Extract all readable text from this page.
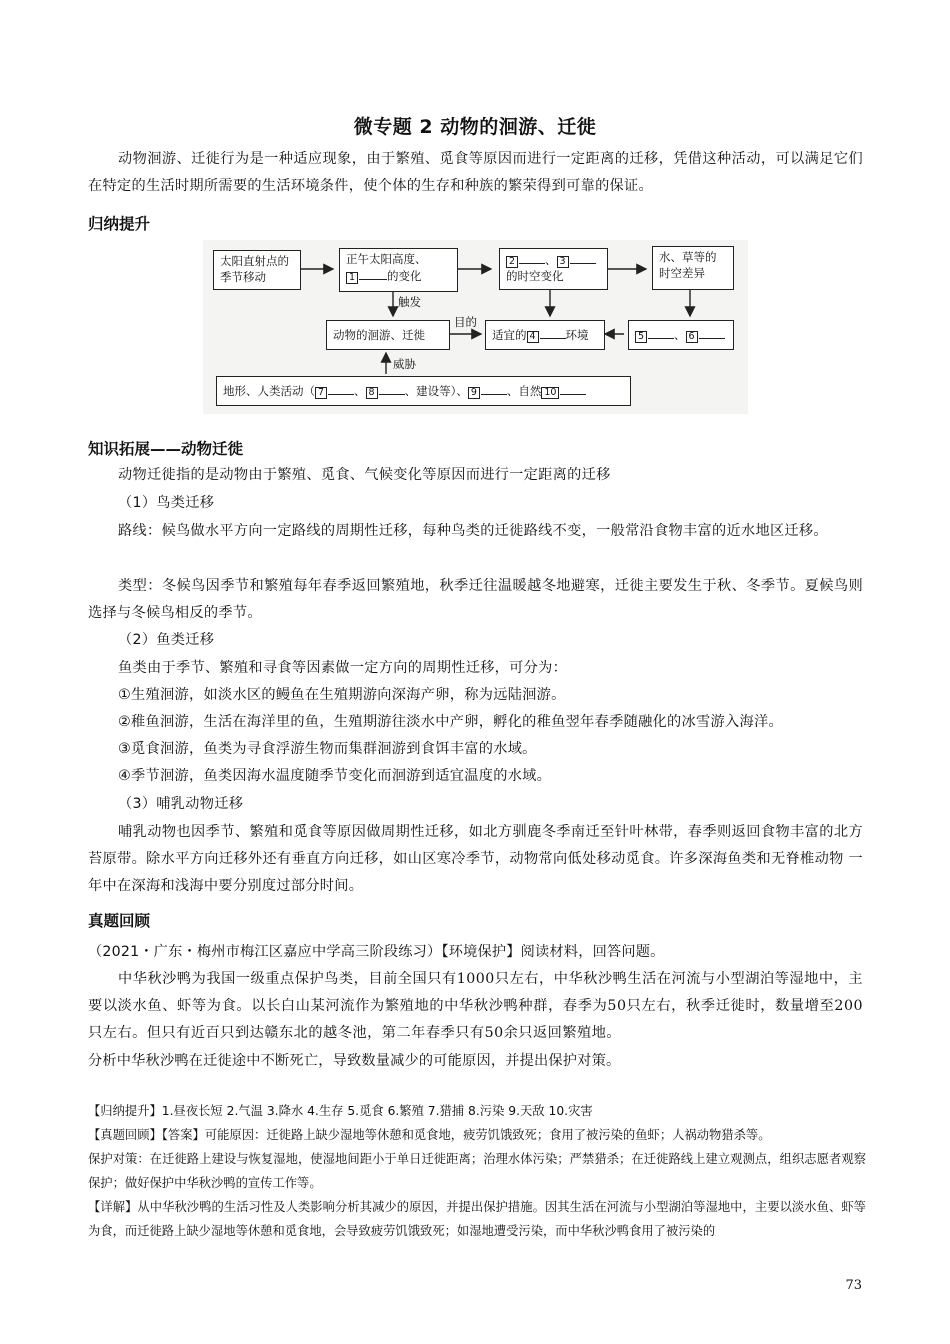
微专题 2 动物的洄游、迁徙
动物洄游、迁徙行为是一种适应现象，由于繁殖、觅食等原因而进行一定距离的迁移，凭借这种活动，可以满足它们在特定的生活时期所需要的生活环境条件，使个体的生存和种族的繁荣得到可靠的保证。
归纳提升
太阳直射点的季节移动
正午太阳高度、
1	的变化
2	、 3
的时空变化
水、草等的时空差异
触发
动物的洄游、迁徙
目的
适宜的 4	环境	5	、 6
威胁
地形、人类活动（ 7	、 8	、建设等）、 9	、自然 10
知识拓展——动物迁徙
动物迁徙指的是动物由于繁殖、觅食、气候变化等原因而进行一定距离的迁移
（1）鸟类迁移
路线：候鸟做水平方向一定路线的周期性迁移，每种鸟类的迁徙路线不变，一般常沿食物丰富的近水地区迁移。
类型：冬候鸟因季节和繁殖每年春季返回繁殖地，秋季迁往温暖越冬地避寒，迁徙主要发生于秋、冬季节。夏候鸟则选择与冬候鸟相反的季节。
（2）鱼类迁移
鱼类由于季节、繁殖和寻食等因素做一定方向的周期性迁移，可分为：
①生殖洄游，如淡水区的鳗鱼在生殖期游向深海产卵，称为远陆洄游。
②稚鱼洄游，生活在海洋里的鱼，生殖期游往淡水中产卵，孵化的稚鱼翌年春季随融化的冰雪游入海洋。
③觅食洄游，鱼类为寻食浮游生物而集群洄游到食饵丰富的水域。
④季节洄游，鱼类因海水温度随季节变化而洄游到适宜温度的水域。
（3）哺乳动物迁移
哺乳动物也因季节、繁殖和觅食等原因做周期性迁移，如北方驯鹿冬季南迁至针叶林带，春季则返回食物丰富的北方苔原带。除水平方向迁移外还有垂直方向迁移，如山区寒冷季节，动物常向低处移动觅食。许多深海鱼类和无脊椎动物 一年中在深海和浅海中要分别度过部分时间。
真题回顾
（2021・广东・梅州市梅江区嘉应中学高三阶段练习）【环境保护】阅读材料，回答问题。
中华秋沙鸭为我国一级重点保护鸟类，目前全国只有1000只左右，中华秋沙鸭生活在河流与小型湖泊等湿地中，主要以淡水鱼、虾等为食。以长白山某河流作为繁殖地的中华秋沙鸭种群，春季为50只左右，秋季迁徙时，数量增至200只左右。但只有近百只到达赣东北的越冬池，第二年春季只有50余只返回繁殖地。
分析中华秋沙鸭在迁徙途中不断死亡，导致数量减少的可能原因，并提出保护对策。
【归纳提升】1.昼夜长短 2.气温 3.降水 4.生存 5.觅食 6.繁殖 7.猎捕 8.污染 9.天敌 10.灾害
【真题回顾】【答案】可能原因：迁徙路上缺少湿地等休憩和觅食地，疲劳饥饿致死；食用了被污染的鱼虾；人祸动物猎杀等。
保护对策：在迁徙路上建设与恢复湿地，使湿地间距小于单日迁徙距离；治理水体污染；严禁猎杀；在迁徙路线上建立观测点，组织志愿者观察保护；做好保护中华秋沙鸭的宣传工作等。
【详解】从中华秋沙鸭的生活习性及人类影响分析其减少的原因，并提出保护措施。因其生活在河流与小型湖泊等湿地中，主要以淡水鱼、虾等为食，而迁徙路上缺少湿地等休憩和觅食地，会导致疲劳饥饿致死；如湿地遭受污染，而中华秋沙鸭食用了被污染的
73
